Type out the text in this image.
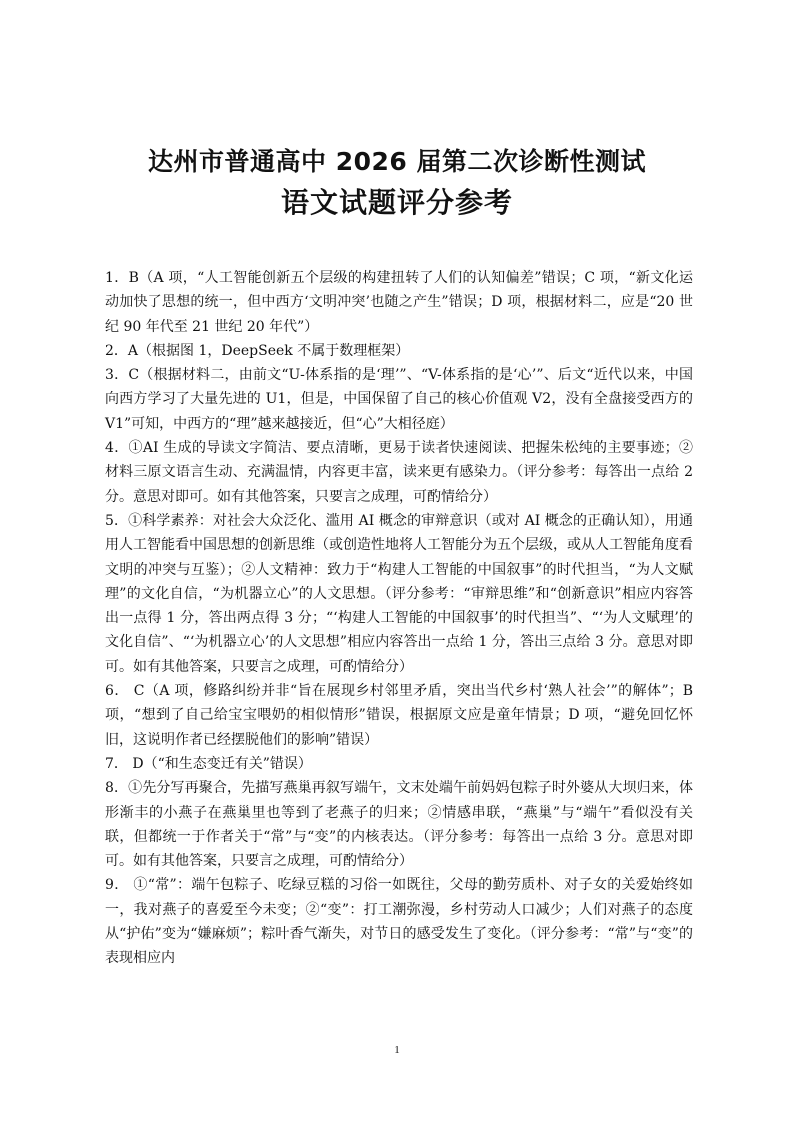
达州市普通高中 2026 届第二次诊断性测试
语文试题评分参考

1．B（A 项，“人工智能创新五个层级的构建扭转了人们的认知偏差”错误；C 项，“新文化运动加快了思想的统一，但中西方‘文明冲突’也随之产生”错误；D 项，根据材料二，应是“20 世纪 90 年代至 21 世纪 20 年代”）

2．A（根据图 1，DeepSeek 不属于数理框架）

3．C（根据材料二，由前文“U-体系指的是‘理’”、“V-体系指的是‘心’”、后文“近代以来，中国向西方学习了大量先进的 U1，但是，中国保留了自己的核心价值观 V2，没有全盘接受西方的 V1”可知，中西方的“理”越来越接近，但“心”大相径庭）

4．①AI 生成的导读文字简洁、要点清晰，更易于读者快速阅读、把握朱松纯的主要事迹；②材料三原文语言生动、充满温情，内容更丰富，读来更有感染力。（评分参考：每答出一点给 2 分。意思对即可。如有其他答案，只要言之成理，可酌情给分）

5．①科学素养：对社会大众泛化、滥用 AI 概念的审辩意识（或对 AI 概念的正确认知），用通用人工智能看中国思想的创新思维（或创造性地将人工智能分为五个层级，或从人工智能角度看文明的冲突与互鉴）；②人文精神：致力于“构建人工智能的中国叙事”的时代担当，“为人文赋理”的文化自信，“为机器立心”的人文思想。（评分参考：“审辩思维”和“创新意识”相应内容答出一点得 1 分，答出两点得 3 分；“‘构建人工智能的中国叙事’的时代担当”、“‘为人文赋理’的文化自信”、“‘为机器立心’的人文思想”相应内容答出一点给 1 分，答出三点给 3 分。意思对即可。如有其他答案，只要言之成理，可酌情给分）

6． C（A 项，修路纠纷并非“旨在展现乡村邻里矛盾，突出当代乡村‘熟人社会’”的解体”；B 项，“想到了自己给宝宝喂奶的相似情形”错误，根据原文应是童年情景；D 项，“避免回忆怀旧，这说明作者已经摆脱他们的影响”错误）

7． D（“和生态变迁有关”错误）

8．①先分写再聚合，先描写燕巢再叙写端午，文末处端午前妈妈包粽子时外婆从大坝归来，体形渐丰的小燕子在燕巢里也等到了老燕子的归来；②情感串联，“燕巢”与“端午”看似没有关联，但都统一于作者关于“常”与“变”的内核表达。（评分参考：每答出一点给 3 分。意思对即可。如有其他答案，只要言之成理，可酌情给分）

9． ①“常”：端午包粽子、吃绿豆糕的习俗一如既往，父母的勤劳质朴、对子女的关爱始终如一，我对燕子的喜爱至今未变；②“变”：打工潮弥漫，乡村劳动人口减少；人们对燕子的态度从“护佑”变为“嫌麻烦”；粽叶香气渐失，对节日的感受发生了变化。（评分参考：“常”与“变”的表现相应内

1
